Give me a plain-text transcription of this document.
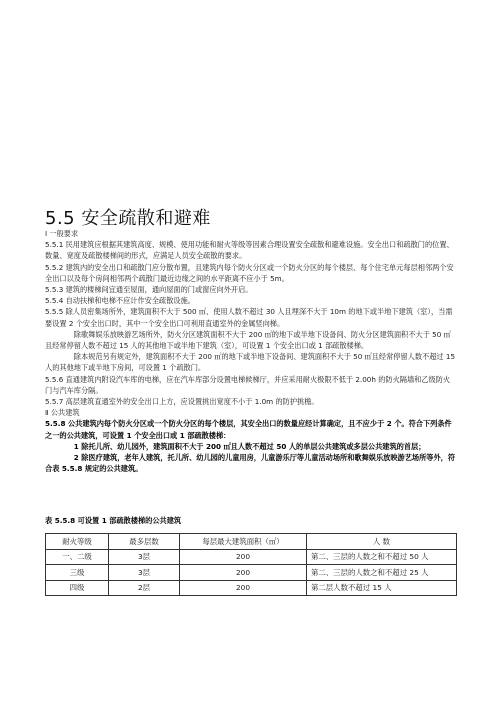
5.5 安全疏散和避难

Ⅰ 一般要求

5.5.1 民用建筑应根据其建筑高度、规模、使用功能和耐火等级等因素合理设置安全疏散和避难设施。安全出口和疏散门的位置、数量、宽度及疏散楼梯间的形式，应满足人员安全疏散的要求。

5.5.2 建筑内的安全出口和疏散门应分散布置，且建筑内每个防火分区或一个防火分区的每个楼层、每个住宅单元每层相邻两个安全出口以及每个房间相邻两个疏散门最近边缘之间的水平距离不应小于 5m。

5.5.3 建筑的楼梯间宜通至屋面，通向屋面的门或窗应向外开启。

5.5.4 自动扶梯和电梯不应计作安全疏散设施。

5.5.5 除人员密集场所外，建筑面积不大于 500 ㎡、使用人数不超过 30 人且埋深不大于 10m 的地下或半地下建筑（室），当需要设置 2 个安全出口时，其中一个安全出口可利用直通室外的金属竖向梯。

除歌舞娱乐放映游艺场所外，防火分区建筑面积不大于 200 ㎡的地下或半地下设备间、防火分区建筑面积不大于 50 ㎡且经常停留人数不超过 15 人的其他地下或半地下建筑（室），可设置 1 个安全出口或 1 部疏散楼梯。

除本规范另有规定外，建筑面积不大于 200 ㎡的地下或半地下设备间、建筑面积不大于 50 ㎡且经常停留人数不超过 15 人的其他地下或半地下房间，可设置 1 个疏散门。

5.5.6 直通建筑内附设汽车库的电梯，应在汽车库部分设置电梯候梯厅，并应采用耐火极限不低于 2.00h 的防火隔墙和乙级防火门与汽车库分隔。

5.5.7 高层建筑直通室外的安全出口上方，应设置挑出宽度不小于 1.0m 的防护挑檐。

Ⅱ 公共建筑

5.5.8 公共建筑内每个防火分区或一个防火分区的每个楼层，其安全出口的数量应经计算确定，且不应少于 2 个。符合下列条件之一的公共建筑，可设置 1 个安全出口或 1 部疏散楼梯：

1 除托儿所、幼儿园外，建筑面积不大于 200 ㎡且人数不超过 50 人的单层公共建筑或多层公共建筑的首层；

2 除医疗建筑，老年人建筑，托儿所、幼儿园的儿童用房，儿童游乐厅等儿童活动场所和歌舞娱乐放映游艺场所等外，符合表 5.5.8 规定的公共建筑。

表 5.5.8 可设置 1 部疏散楼梯的公共建筑
耐火等级	最多层数	每层最大建筑面积（㎡）	人 数
一、二级	3层	200	第二、三层的人数之和不超过 50 人
三级	3层	200	第二、三层的人数之和不超过 25 人
四级	2层	200	第二层人数不超过 15 人
